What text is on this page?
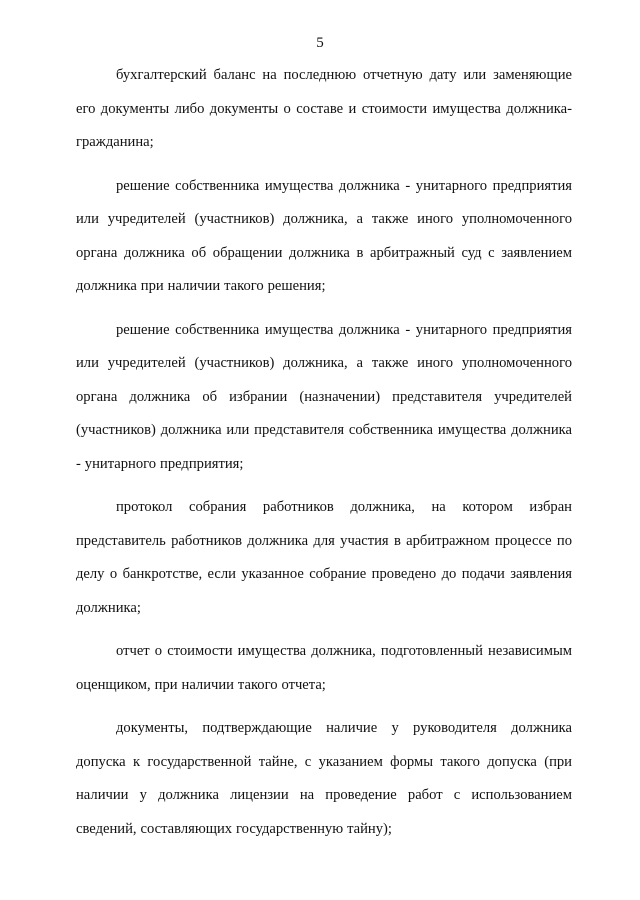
5

бухгалтерский баланс на последнюю отчетную дату или заменяющие его документы либо документы о составе и стоимости имущества должника-гражданина;

решение собственника имущества должника - унитарного предприятия или учредителей (участников) должника, а также иного уполномоченного органа должника об обращении должника в арбитражный суд с заявлением должника при наличии такого решения;

решение собственника имущества должника - унитарного предприятия или учредителей (участников) должника, а также иного уполномоченного органа должника об избрании (назначении) представителя учредителей (участников) должника или представителя собственника имущества должника - унитарного предприятия;

протокол собрания работников должника, на котором избран представитель работников должника для участия в арбитражном процессе по делу о банкротстве, если указанное собрание проведено до подачи заявления должника;

отчет о стоимости имущества должника, подготовленный независимым оценщиком, при наличии такого отчета;

документы, подтверждающие наличие у руководителя должника допуска к государственной тайне, с указанием формы такого допуска (при наличии у должника лицензии на проведение работ с использованием сведений, составляющих государственную тайну);
